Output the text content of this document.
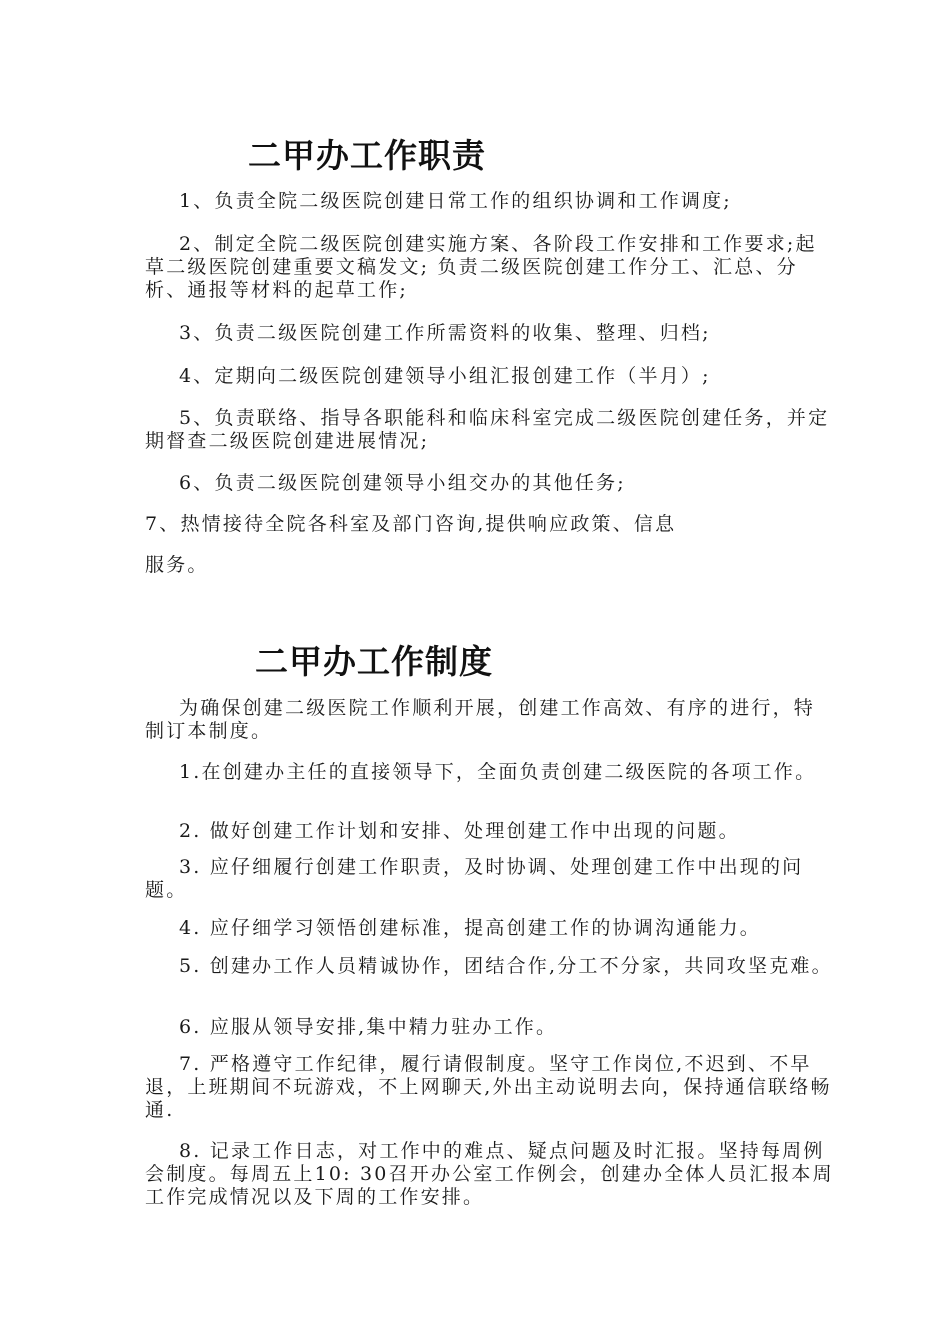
二甲办工作职责
1、负责全院二级医院创建日常工作的组织协调和工作调度;
2、制定全院二级医院创建实施方案、各阶段工作安排和工作要求;起草二级医院创建重要文稿发文; 负责二级医院创建工作分工、汇总、分析、通报等材料的起草工作;
3、负责二级医院创建工作所需资料的收集、整理、归档;
4、定期向二级医院创建领导小组汇报创建工作（半月）;
5、负责联络、指导各职能科和临床科室完成二级医院创建任务，并定期督查二级医院创建进展情况;
6、负责二级医院创建领导小组交办的其他任务;
7、热情接待全院各科室及部门咨询,提供响应政策、信息
服务。
二甲办工作制度
为确保创建二级医院工作顺利开展，创建工作高效、有序的进行，特制订本制度。
1.在创建办主任的直接领导下，全面负责创建二级医院的各项工作。
2. 做好创建工作计划和安排、处理创建工作中出现的问题。
3. 应仔细履行创建工作职责，及时协调、处理创建工作中出现的问题。
4. 应仔细学习领悟创建标准，提高创建工作的协调沟通能力。
5. 创建办工作人员精诚协作，团结合作,分工不分家，共同攻坚克难。
6. 应服从领导安排,集中精力驻办工作。
7. 严格遵守工作纪律，履行请假制度。坚守工作岗位,不迟到、不早退，上班期间不玩游戏，不上网聊天,外出主动说明去向，保持通信联络畅通.
8. 记录工作日志，对工作中的难点、疑点问题及时汇报。坚持每周例会制度。每周五上10: 30召开办公室工作例会，创建办全体人员汇报本周工作完成情况以及下周的工作安排。
